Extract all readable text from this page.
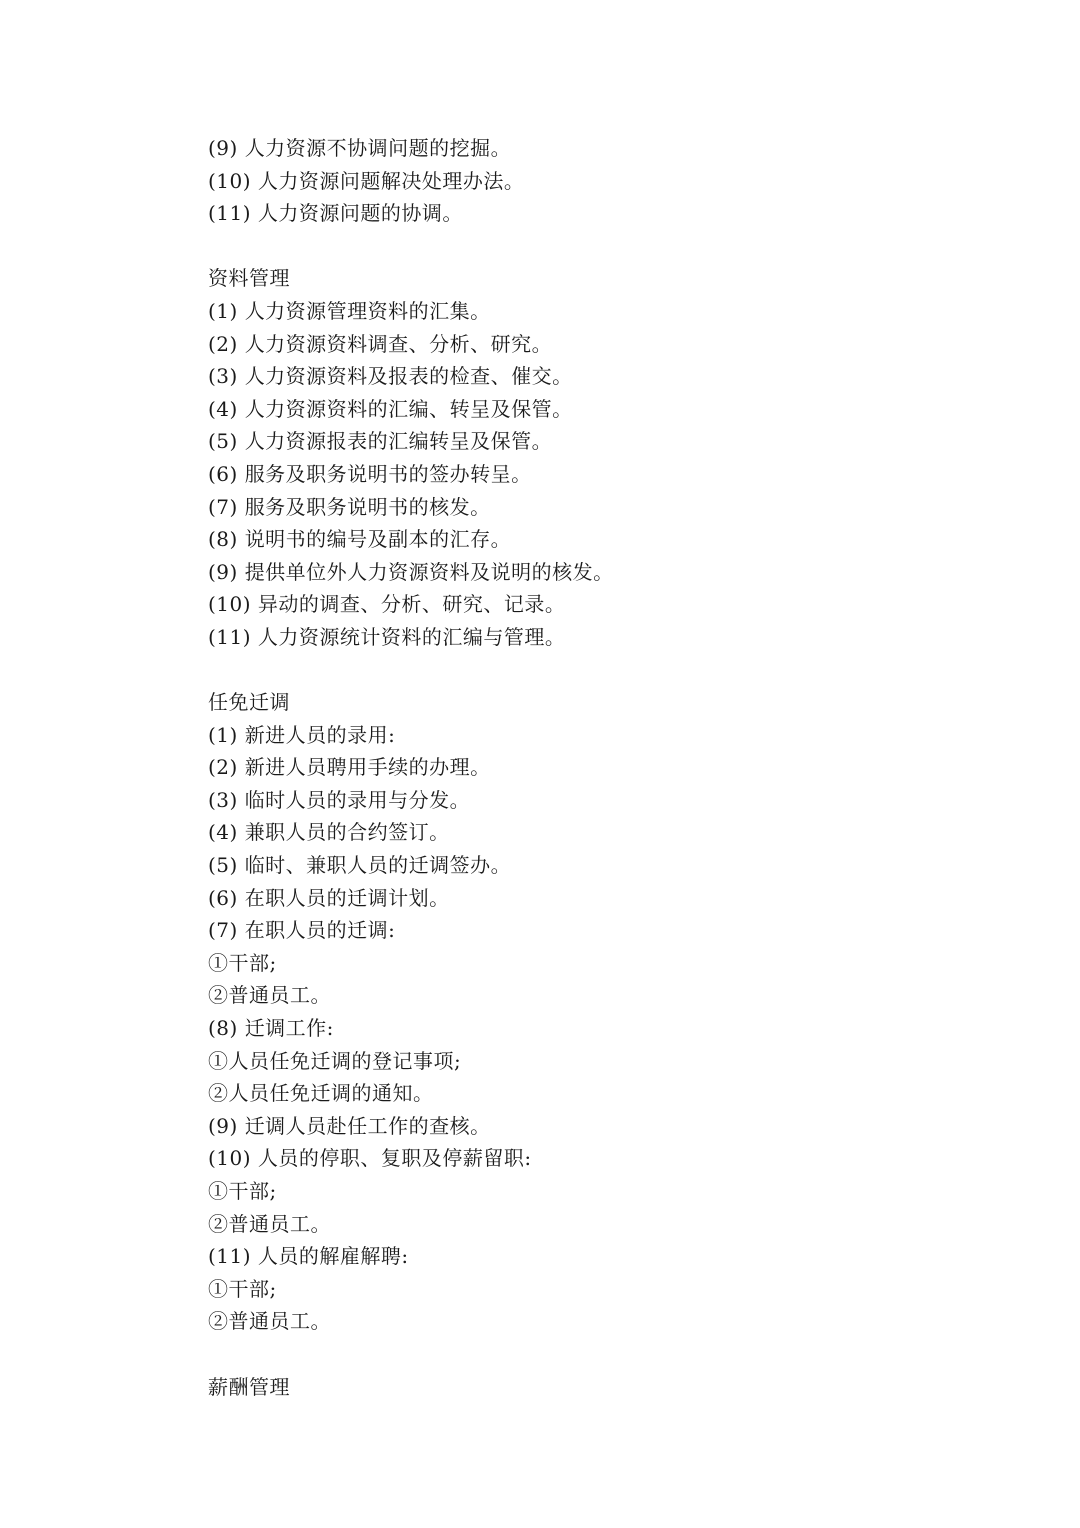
(9) 人力资源不协调问题的挖掘。
(10) 人力资源问题解决处理办法。
(11) 人力资源问题的协调。
资料管理
(1) 人力资源管理资料的汇集。
(2) 人力资源资料调查、分析、研究。
(3) 人力资源资料及报表的检查、催交。
(4) 人力资源资料的汇编、转呈及保管。
(5) 人力资源报表的汇编转呈及保管。
(6) 服务及职务说明书的签办转呈。
(7) 服务及职务说明书的核发。
(8) 说明书的编号及副本的汇存。
(9) 提供单位外人力资源资料及说明的核发。
(10) 异动的调查、分析、研究、记录。
(11) 人力资源统计资料的汇编与管理。
任免迁调
(1) 新进人员的录用:
(2) 新进人员聘用手续的办理。
(3) 临时人员的录用与分发。
(4) 兼职人员的合约签订。
(5) 临时、兼职人员的迁调签办。
(6) 在职人员的迁调计划。
(7) 在职人员的迁调:
①干部;
②普通员工。
(8) 迁调工作:
①人员任免迁调的登记事项;
②人员任免迁调的通知。
(9) 迁调人员赴任工作的查核。
(10) 人员的停职、复职及停薪留职:
①干部;
②普通员工。
(11) 人员的解雇解聘:
①干部;
②普通员工。
薪酬管理
